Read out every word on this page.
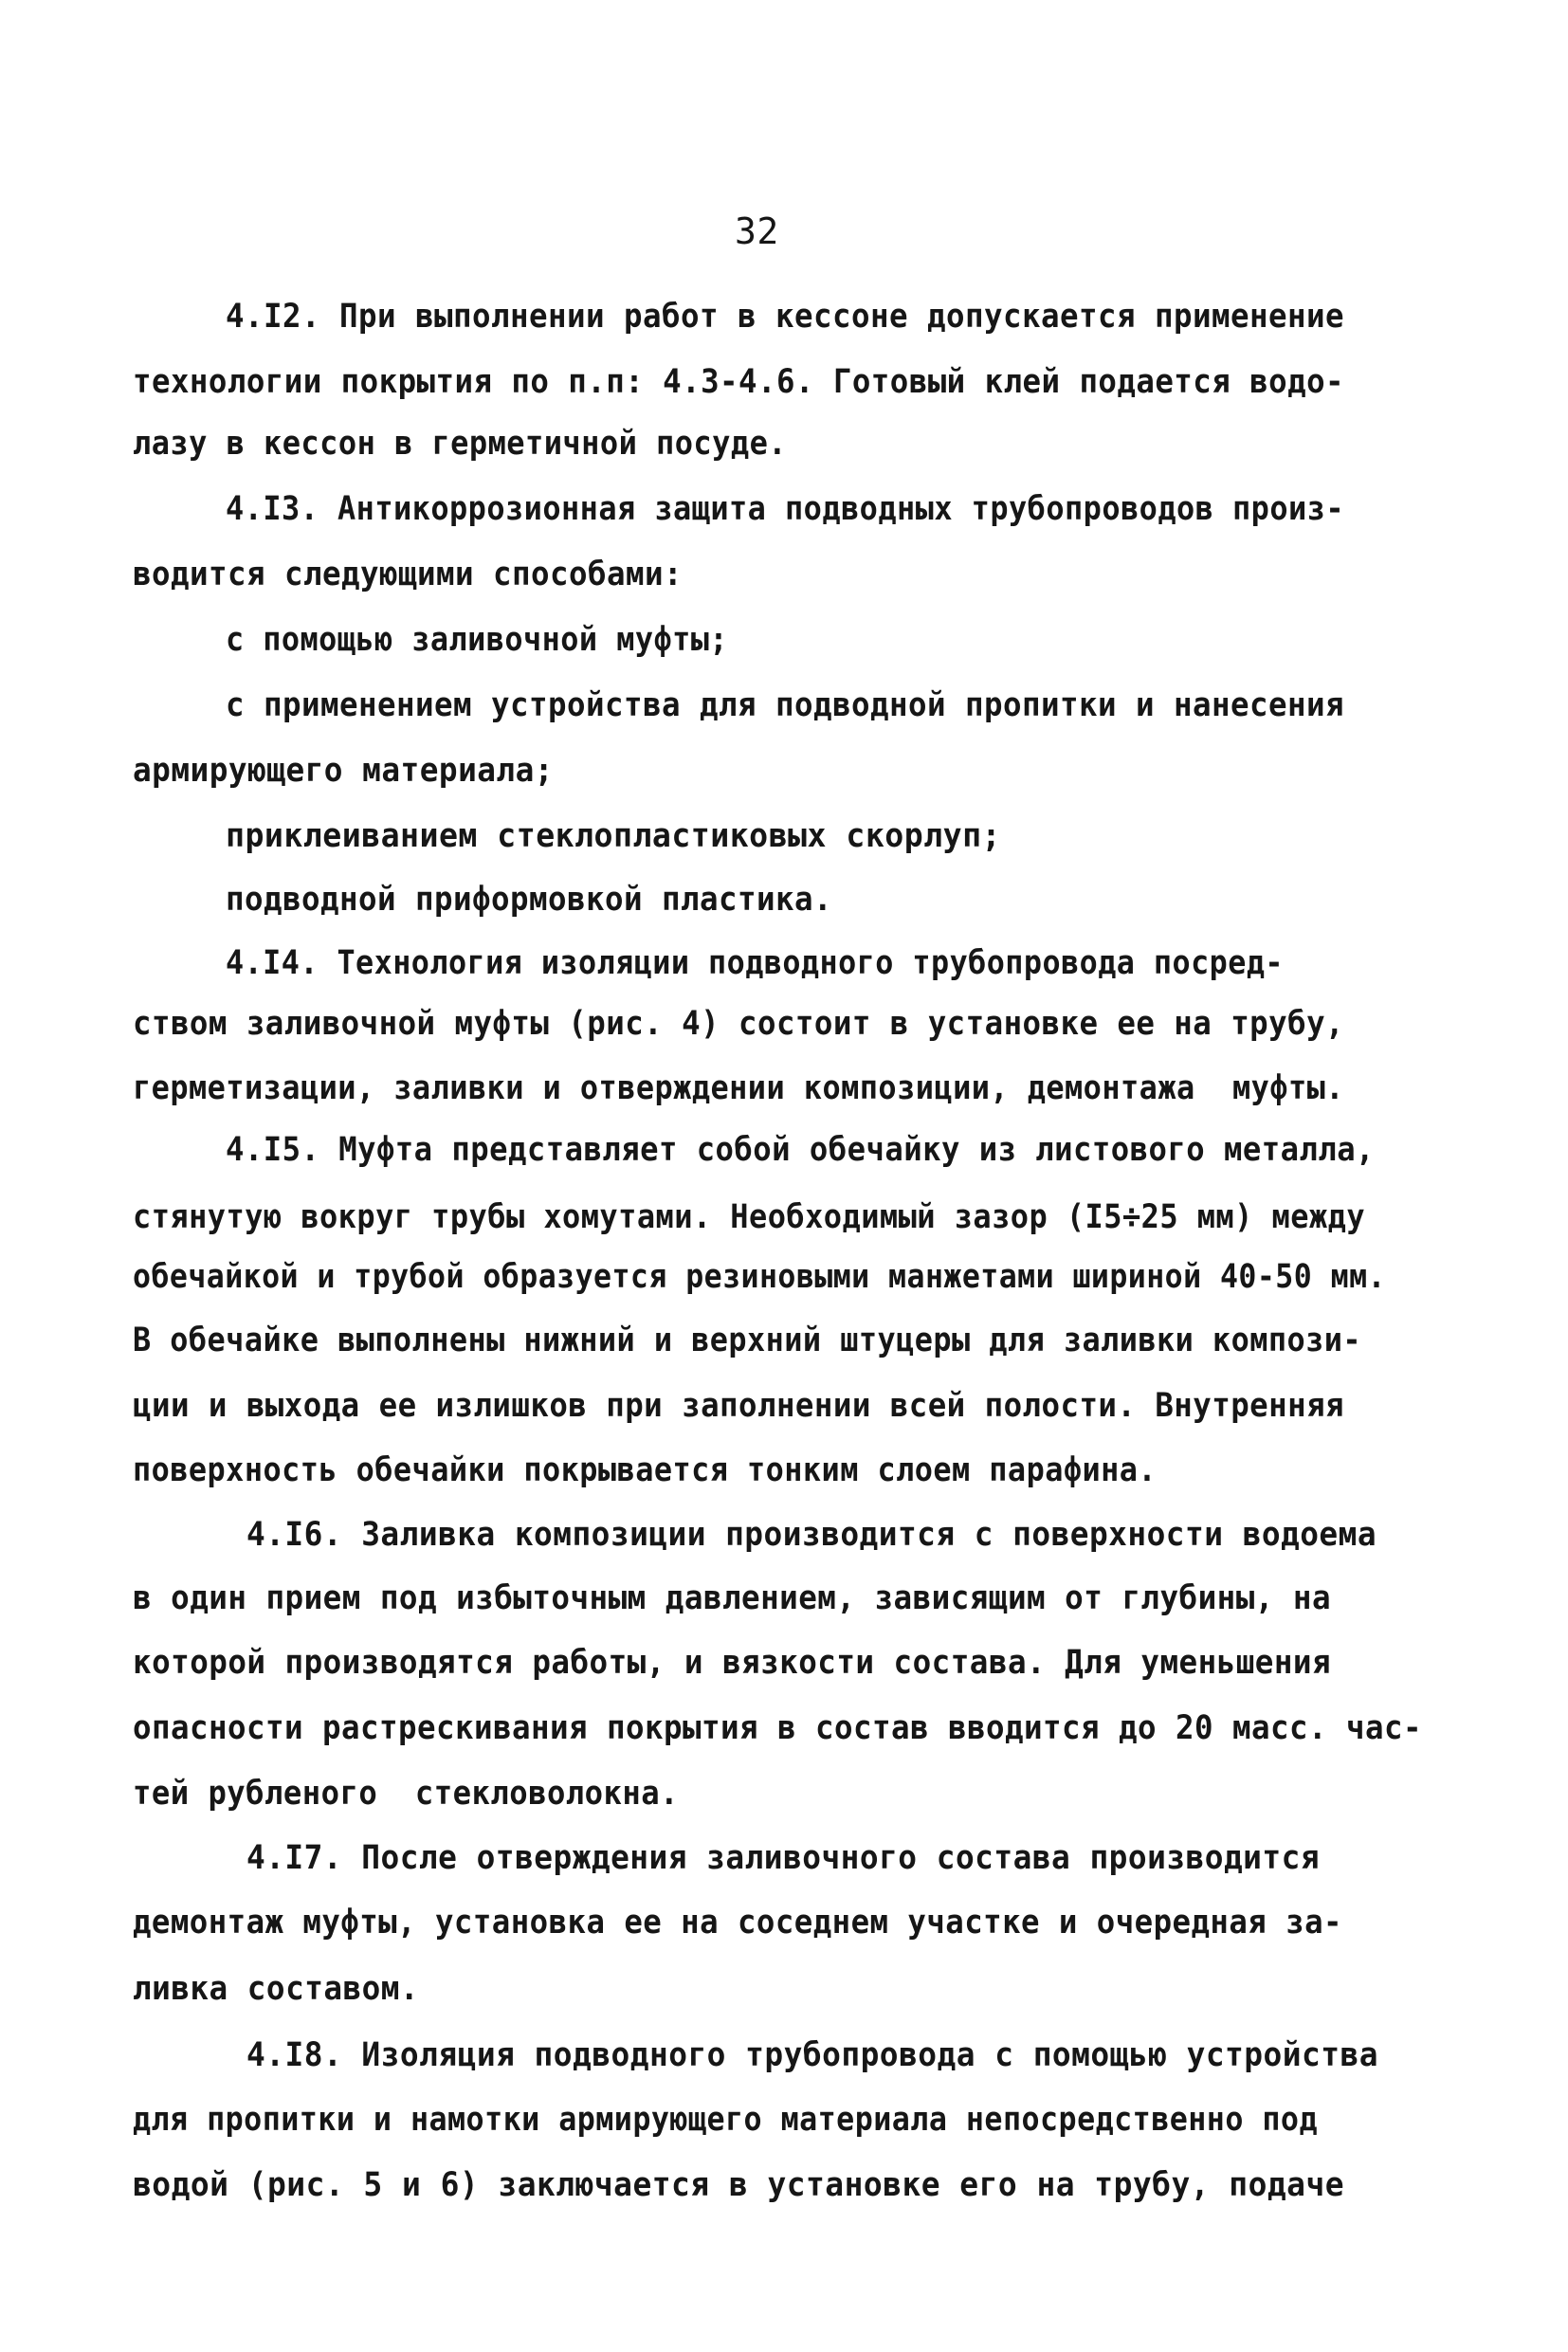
32
4.I2. При выполнении работ в кессоне допускается применение
технологии покрытия по п.п: 4.3-4.6. Готовый клей подается водо-
лазу в кессон в герметичной посуде.
4.I3. Антикоррозионная защита подводных трубопроводов произ-
водится следующими способами:
с помощью заливочной муфты;
с применением устройства для подводной пропитки и нанесения
армирующего материала;
приклеиванием стеклопластиковых скорлуп;
подводной приформовкой пластика.
4.I4. Технология изоляции подводного трубопровода посред-
ством заливочной муфты (рис. 4) состоит в установке ее на трубу,
герметизации, заливки и отверждении композиции, демонтажа  муфты.
4.I5. Муфта представляет собой обечайку из листового металла,
стянутую вокруг трубы хомутами. Необходимый зазор (I5÷25 мм) между
обечайкой и трубой образуется резиновыми манжетами шириной 40-50 мм.
В обечайке выполнены нижний и верхний штуцеры для заливки компози-
ции и выхода ее излишков при заполнении всей полости. Внутренняя
поверхность обечайки покрывается тонким слоем парафина.
4.I6. Заливка композиции производится с поверхности водоема
в один прием под избыточным давлением, зависящим от глубины, на
которой производятся работы, и вязкости состава. Для уменьшения
опасности растрескивания покрытия в состав вводится до 20 масс. час-
тей рубленого  стекловолокна.
4.I7. После отверждения заливочного состава производится
демонтаж муфты, установка ее на соседнем участке и очередная за-
ливка составом.
4.I8. Изоляция подводного трубопровода с помощью устройства
для пропитки и намотки армирующего материала непосредственно под
водой (рис. 5 и 6) заключается в установке его на трубу, подаче
